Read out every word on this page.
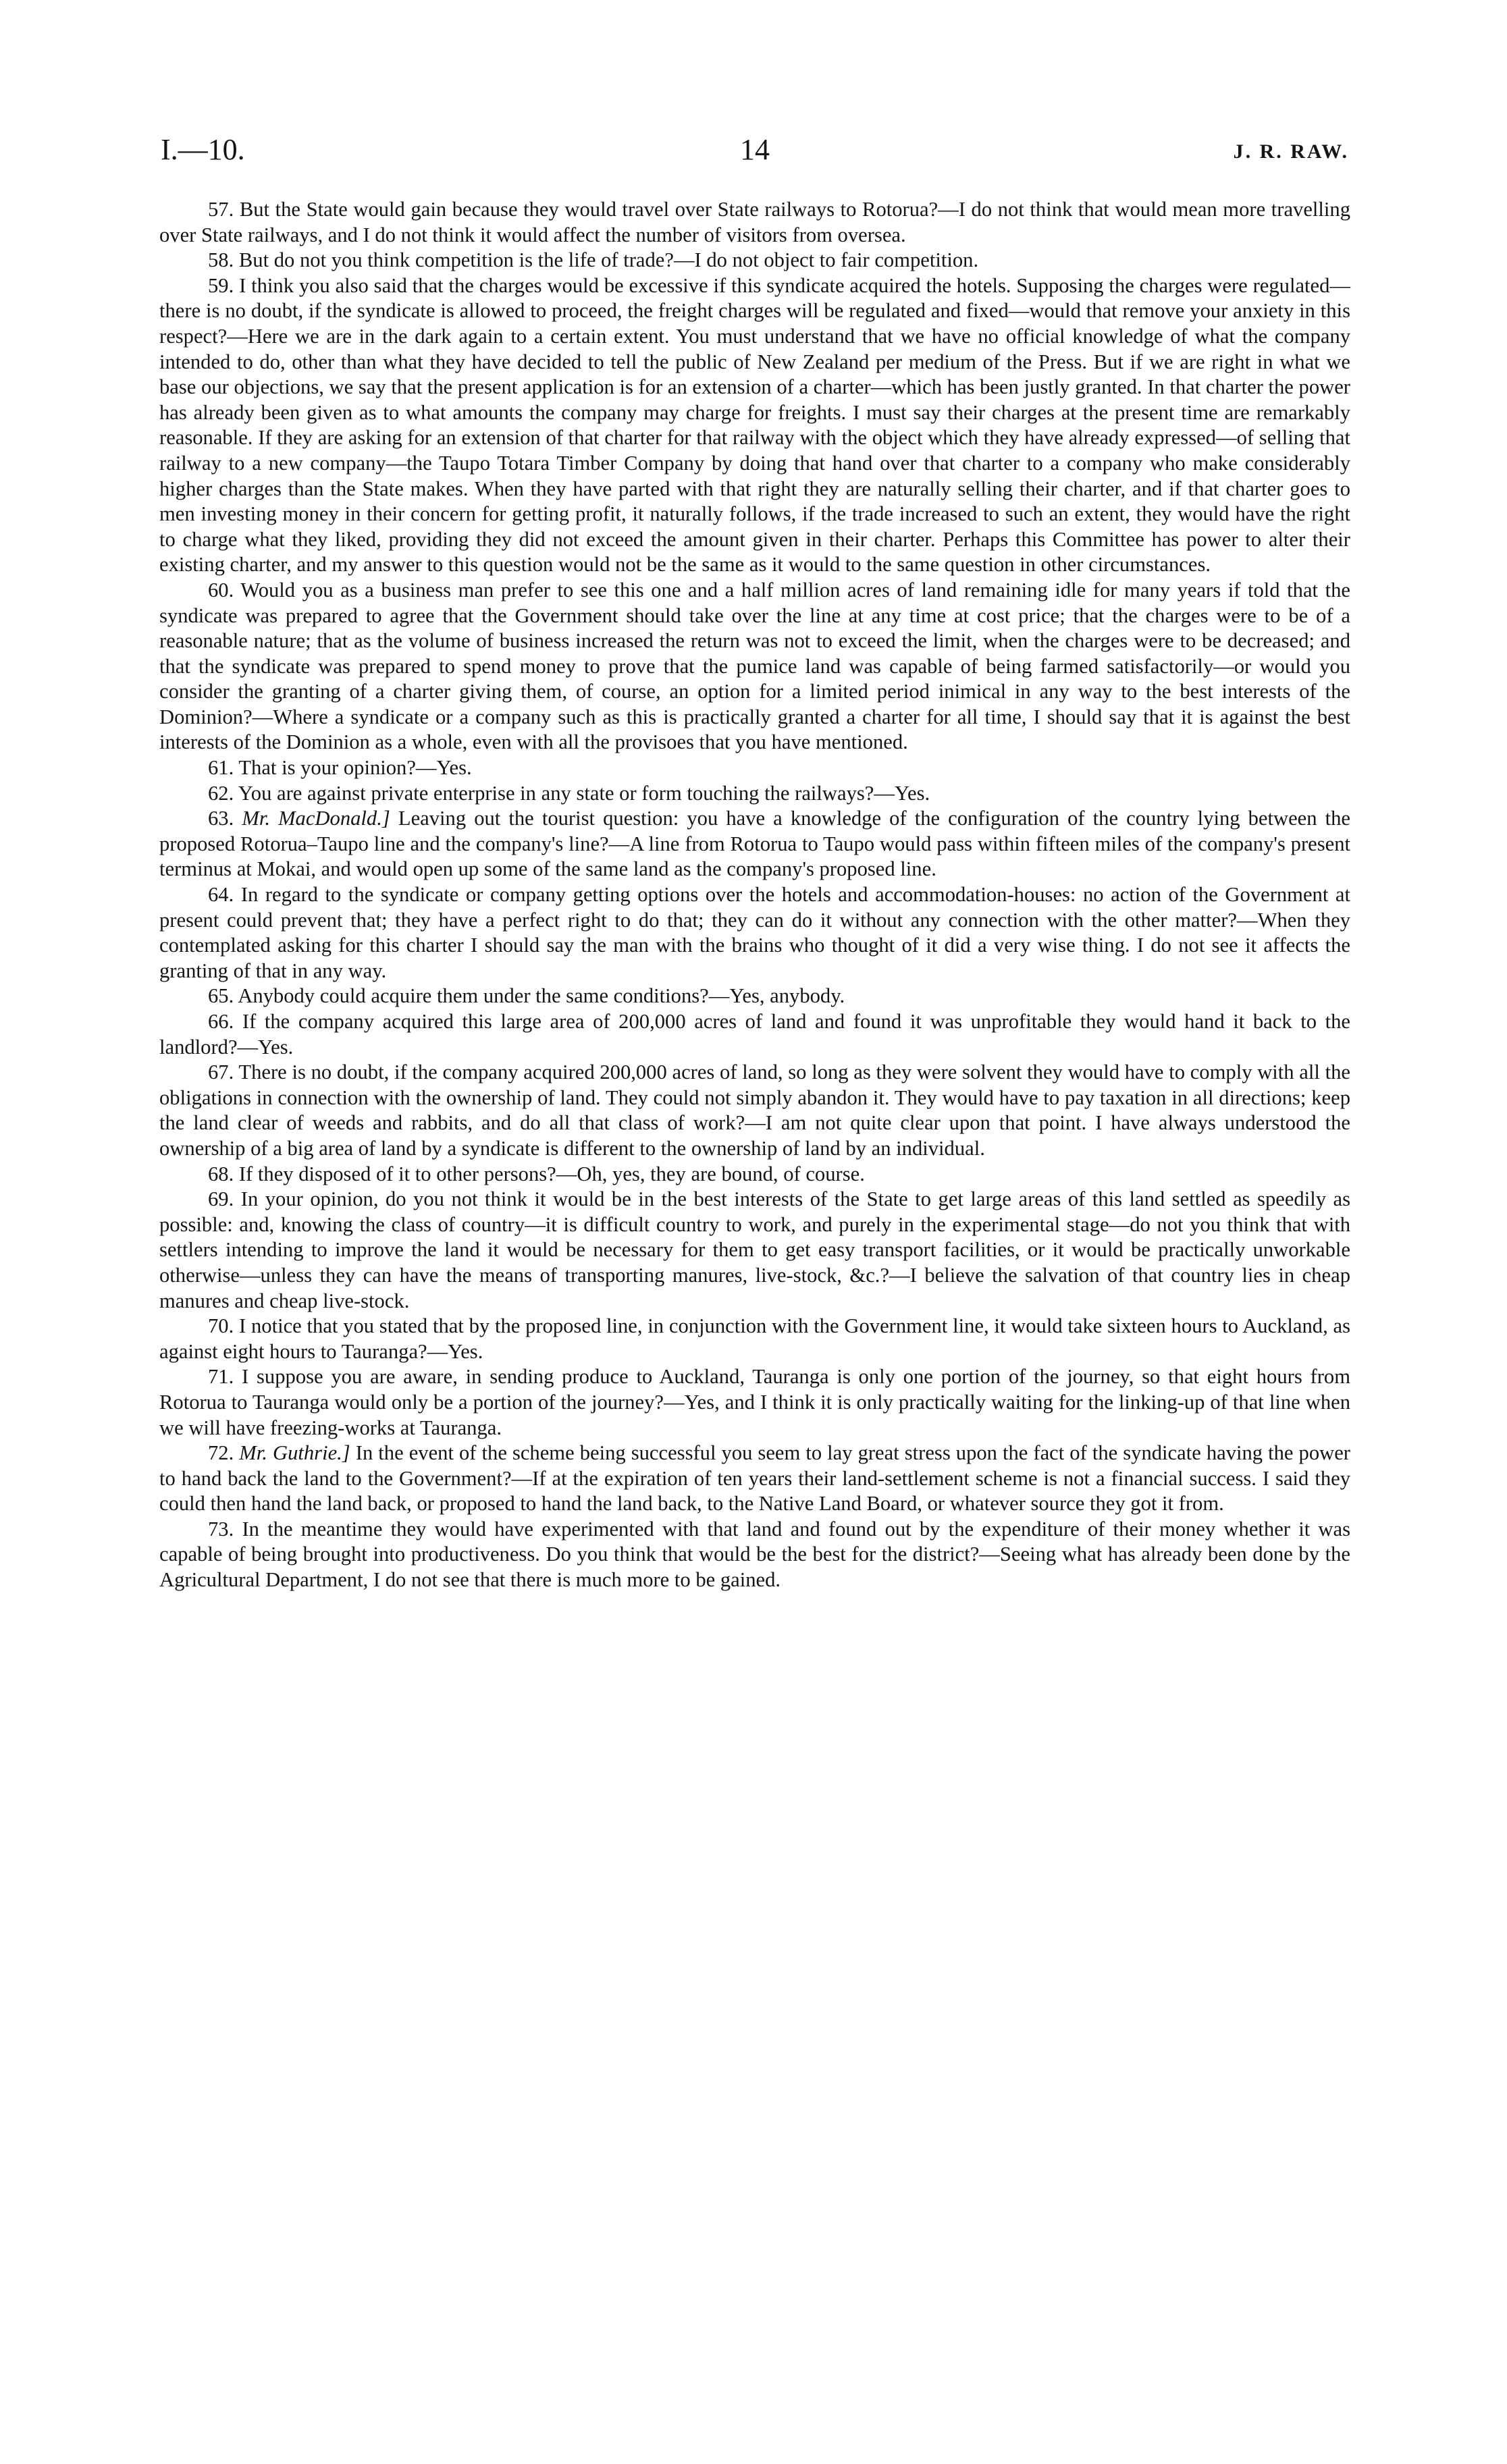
14
I.—10.	J. R. RAW.

57. But the State would gain because they would travel over State railways to Rotorua?—I do not think that would mean more travelling over State railways, and I do not think it would affect the number of visitors from oversea.

58. But do not you think competition is the life of trade?—I do not object to fair competition.

59. I think you also said that the charges would be excessive if this syndicate acquired the hotels. Supposing the charges were regulated—there is no doubt, if the syndicate is allowed to proceed, the freight charges will be regulated and fixed—would that remove your anxiety in this respect?—Here we are in the dark again to a certain extent. You must understand that we have no official knowledge of what the company intended to do, other than what they have decided to tell the public of New Zealand per medium of the Press. But if we are right in what we base our objections, we say that the present application is for an extension of a charter—which has been justly granted. In that charter the power has already been given as to what amounts the company may charge for freights. I must say their charges at the present time are remarkably reasonable. If they are asking for an extension of that charter for that railway with the object which they have already expressed—of selling that railway to a new company—the Taupo Totara Timber Company by doing that hand over that charter to a company who make considerably higher charges than the State makes. When they have parted with that right they are naturally selling their charter, and if that charter goes to men investing money in their concern for getting profit, it naturally follows, if the trade increased to such an extent, they would have the right to charge what they liked, providing they did not exceed the amount given in their charter. Perhaps this Committee has power to alter their existing charter, and my answer to this question would not be the same as it would to the same question in other circumstances.

60. Would you as a business man prefer to see this one and a half million acres of land remaining idle for many years if told that the syndicate was prepared to agree that the Government should take over the line at any time at cost price; that the charges were to be of a reasonable nature; that as the volume of business increased the return was not to exceed the limit, when the charges were to be decreased; and that the syndicate was prepared to spend money to prove that the pumice land was capable of being farmed satisfactorily—or would you consider the granting of a charter giving them, of course, an option for a limited period inimical in any way to the best interests of the Dominion?—Where a syndicate or a company such as this is practically granted a charter for all time, I should say that it is against the best interests of the Dominion as a whole, even with all the provisoes that you have mentioned.

61. That is your opinion?—Yes.

62. You are against private enterprise in any state or form touching the railways?—Yes.

63. Mr. MacDonald.] Leaving out the tourist question: you have a knowledge of the configuration of the country lying between the proposed Rotorua–Taupo line and the company's line?—A line from Rotorua to Taupo would pass within fifteen miles of the company's present terminus at Mokai, and would open up some of the same land as the company's proposed line.

64. In regard to the syndicate or company getting options over the hotels and accommodation-houses: no action of the Government at present could prevent that; they have a perfect right to do that; they can do it without any connection with the other matter?—When they contemplated asking for this charter I should say the man with the brains who thought of it did a very wise thing. I do not see it affects the granting of that in any way.

65. Anybody could acquire them under the same conditions?—Yes, anybody.

66. If the company acquired this large area of 200,000 acres of land and found it was unprofitable they would hand it back to the landlord?—Yes.

67. There is no doubt, if the company acquired 200,000 acres of land, so long as they were solvent they would have to comply with all the obligations in connection with the ownership of land. They could not simply abandon it. They would have to pay taxation in all directions; keep the land clear of weeds and rabbits, and do all that class of work?—I am not quite clear upon that point. I have always understood the ownership of a big area of land by a syndicate is different to the ownership of land by an individual.

68. If they disposed of it to other persons?—Oh, yes, they are bound, of course.

69. In your opinion, do you not think it would be in the best interests of the State to get large areas of this land settled as speedily as possible: and, knowing the class of country—it is difficult country to work, and purely in the experimental stage—do not you think that with settlers intending to improve the land it would be necessary for them to get easy transport facilities, or it would be practically unworkable otherwise—unless they can have the means of transporting manures, live-stock, &c.?—I believe the salvation of that country lies in cheap manures and cheap live-stock.

70. I notice that you stated that by the proposed line, in conjunction with the Government line, it would take sixteen hours to Auckland, as against eight hours to Tauranga?—Yes.

71. I suppose you are aware, in sending produce to Auckland, Tauranga is only one portion of the journey, so that eight hours from Rotorua to Tauranga would only be a portion of the journey?—Yes, and I think it is only practically waiting for the linking-up of that line when we will have freezing-works at Tauranga.

72. Mr. Guthrie.] In the event of the scheme being successful you seem to lay great stress upon the fact of the syndicate having the power to hand back the land to the Government?—If at the expiration of ten years their land-settlement scheme is not a financial success. I said they could then hand the land back, or proposed to hand the land back, to the Native Land Board, or whatever source they got it from.

73. In the meantime they would have experimented with that land and found out by the expenditure of their money whether it was capable of being brought into productiveness. Do you think that would be the best for the district?—Seeing what has already been done by the Agricultural Department, I do not see that there is much more to be gained.
